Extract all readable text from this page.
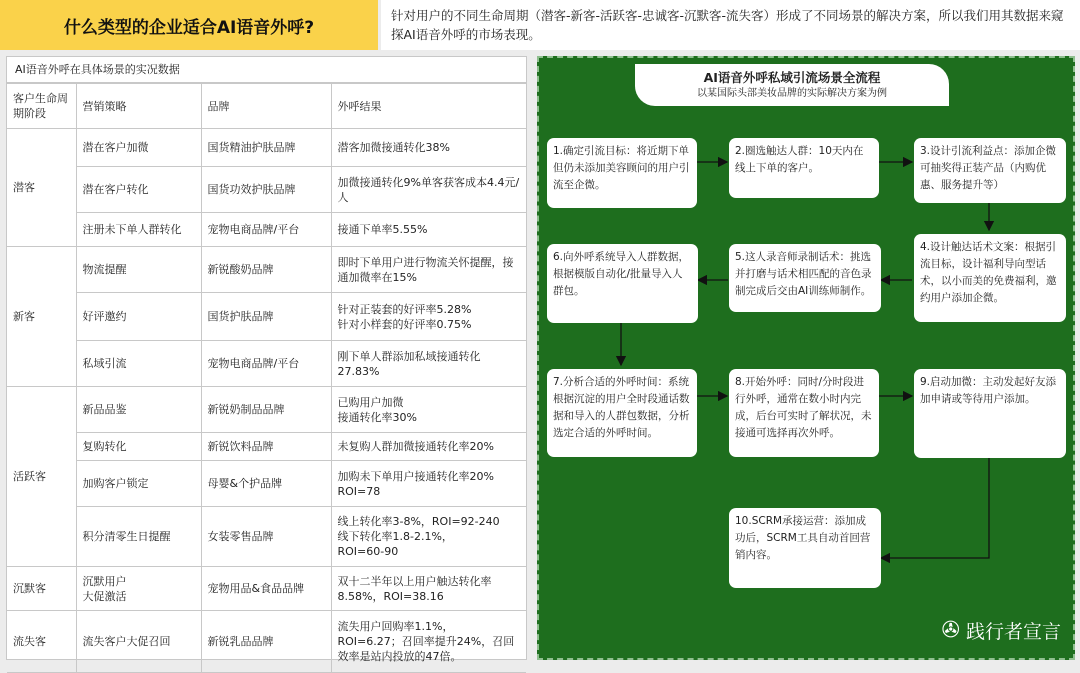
什么类型的企业适合AI语音外呼?
针对用户的不同生命周期（潜客-新客-活跃客-忠诚客-沉默客-流失客）形成了不同场景的解决方案，所以我们用其数据来窥探AI语音外呼的市场表现。
AI语音外呼在具体场景的实况数据
客户生命周期阶段	营销策略	品牌	外呼结果
潜客	潜在客户加微	国货精油护肤品牌	潜客加微接通转化38%
	潜在客户转化	国货功效护肤品牌	加微接通转化9%单客获客成本4.4元/人
	注册未下单人群转化	宠物电商品牌/平台	接通下单率5.55%
新客	物流提醒	新锐酸奶品牌	即时下单用户进行物流关怀提醒，接通加微率在15%
	好评邀约	国货护肤品牌	针对正装套的好评率5.28%
针对小样套的好评率0.75%
	私域引流	宠物电商品牌/平台	刚下单人群添加私域接通转化27.83%
活跃客	新品品鉴	新锐奶制品品牌	已购用户加微
接通转化率30%
	复购转化	新锐饮料品牌	未复购人群加微接通转化率20%
	加购客户锁定	母婴&个护品牌	加购未下单用户接通转化率20%
ROI=78
	积分清零生日提醒	女装零售品牌	线上转化率3-8%，ROI=92-240
线下转化率1.8-2.1%，
ROI=60-90
沉默客	沉默用户
大促激活	宠物用品&食品品牌	双十二半年以上用户触达转化率8.58%，ROI=38.16
流失客	流失客户大促召回	新锐乳品品牌	流失用户回购率1.1%，
ROI=6.27；召回率提升24%，召回效率是站内投放的47倍。
AI语音外呼私域引流场景全流程
以某国际头部美妆品牌的实际解决方案为例
1.确定引流目标：将近期下单但仍未添加美容顾问的用户引流至企微。
2.圈选触达人群：10天内在线上下单的客户。
3.设计引流利益点：添加企微可抽奖得正装产品（内购优惠、服务提升等）
4.设计触达话术文案：根据引流目标，设计福利导向型话术，以小而美的免费福利，邀约用户添加企微。
5.这人录音师录制话术：挑选并打磨与话术相匹配的音色录制完成后交由AI训练师制作。
6.向外呼系统导入人群数据，根据模版自动化/批量导入人群包。
7.分析合适的外呼时间：系统根据沉淀的用户全时段通话数据和导入的人群包数据，分析选定合适的外呼时间。
8.开始外呼：同时/分时段进行外呼，通常在数小时内完成，后台可实时了解状况，未接通可选择再次外呼。
9.启动加微：主动发起好友添加申请或等待用户添加。
10.SCRM承接运营：添加成功后，SCRM工具自动首回营销内容。
✇ 践行者宣言
